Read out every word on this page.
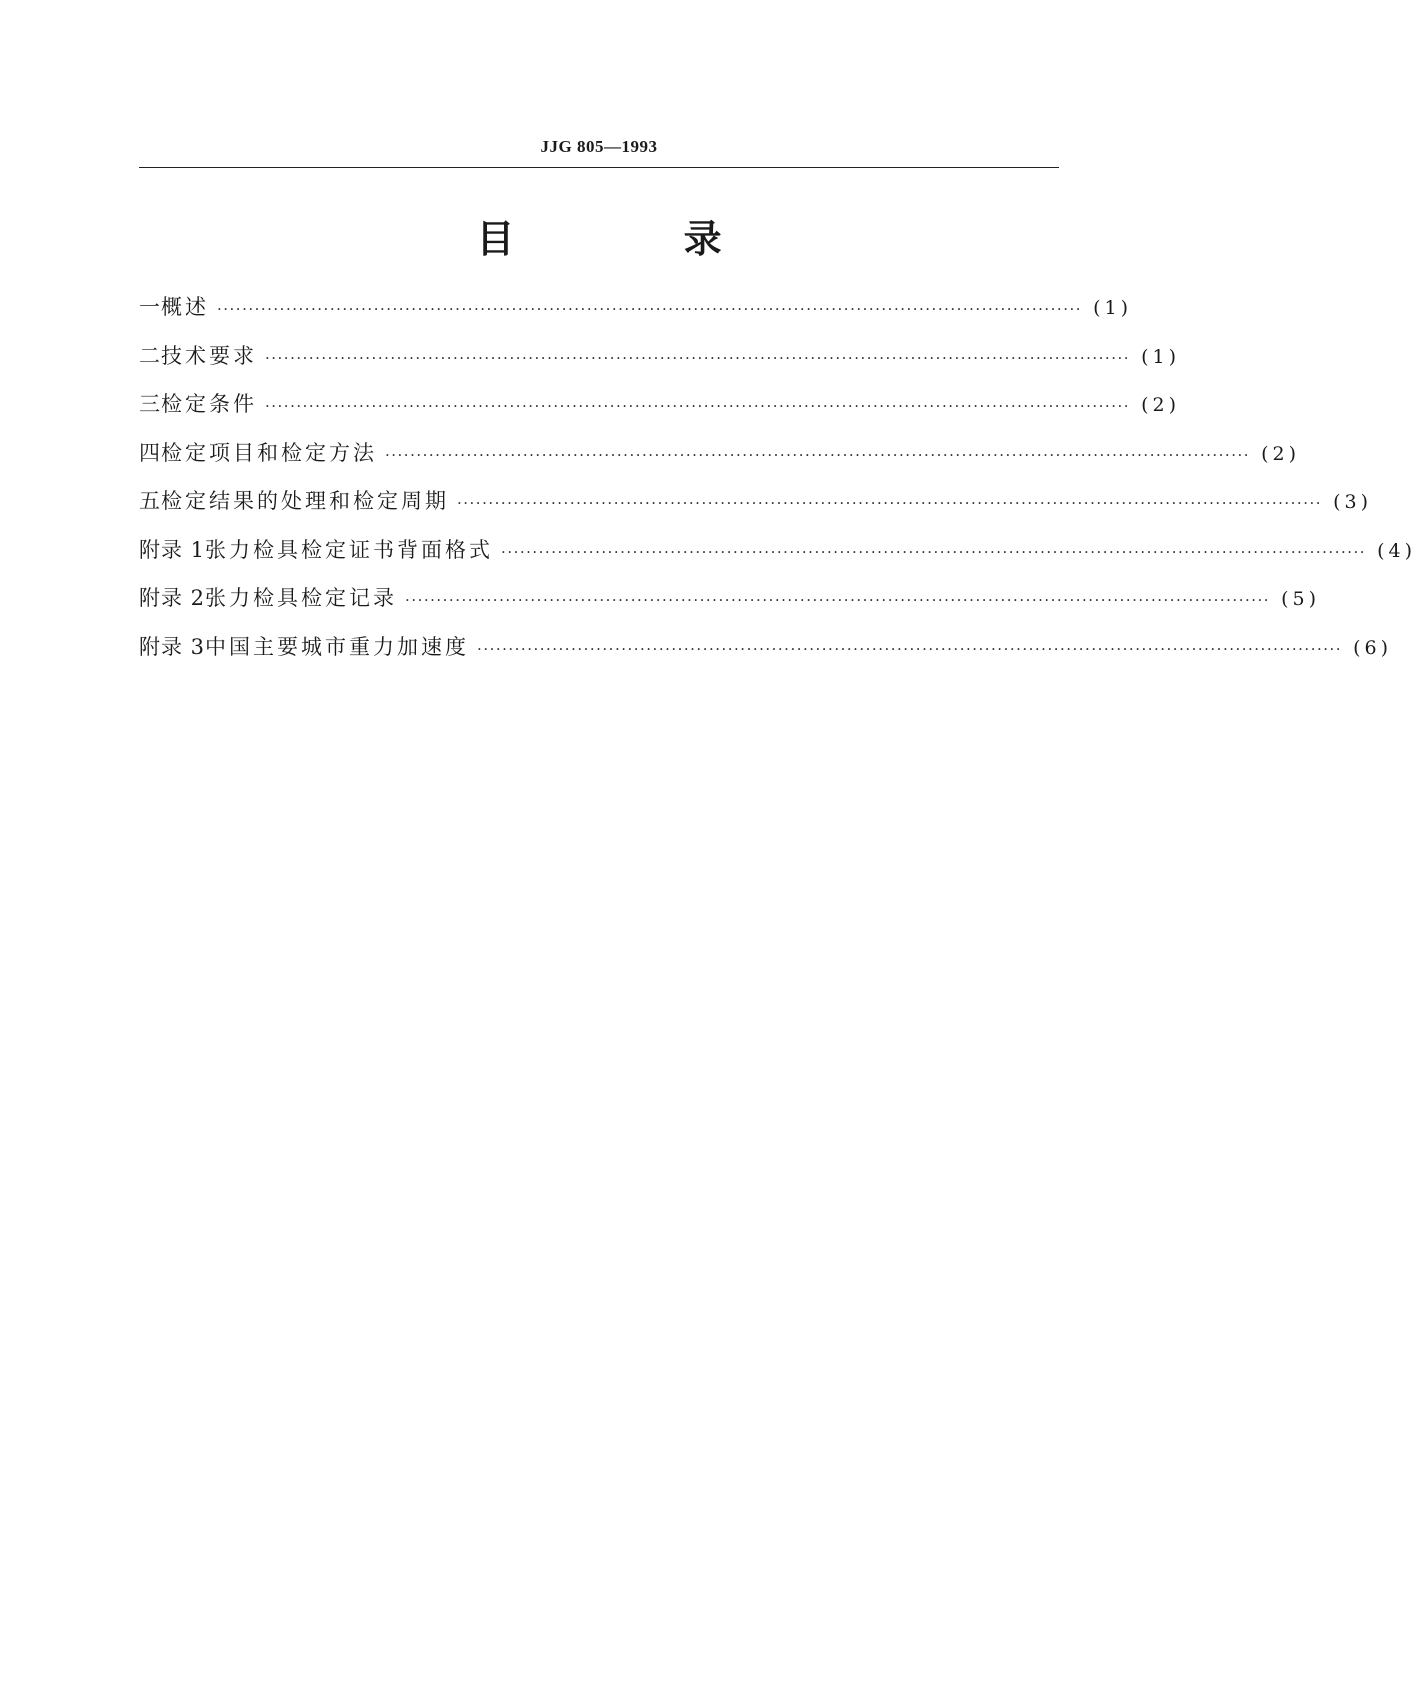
JJG 805—1993
目 录
一 概述 ·········································································································································· (1)
二 技术要求 ·········································································································································· (1)
三 检定条件 ·········································································································································· (2)
四 检定项目和检定方法 ·········································································································································· (2)
五 检定结果的处理和检定周期 ·········································································································································· (3)
附录 1 张力检具检定证书背面格式 ·········································································································································· (4)
附录 2 张力检具检定记录 ·········································································································································· (5)
附录 3 中国主要城市重力加速度 ·········································································································································· (6)
